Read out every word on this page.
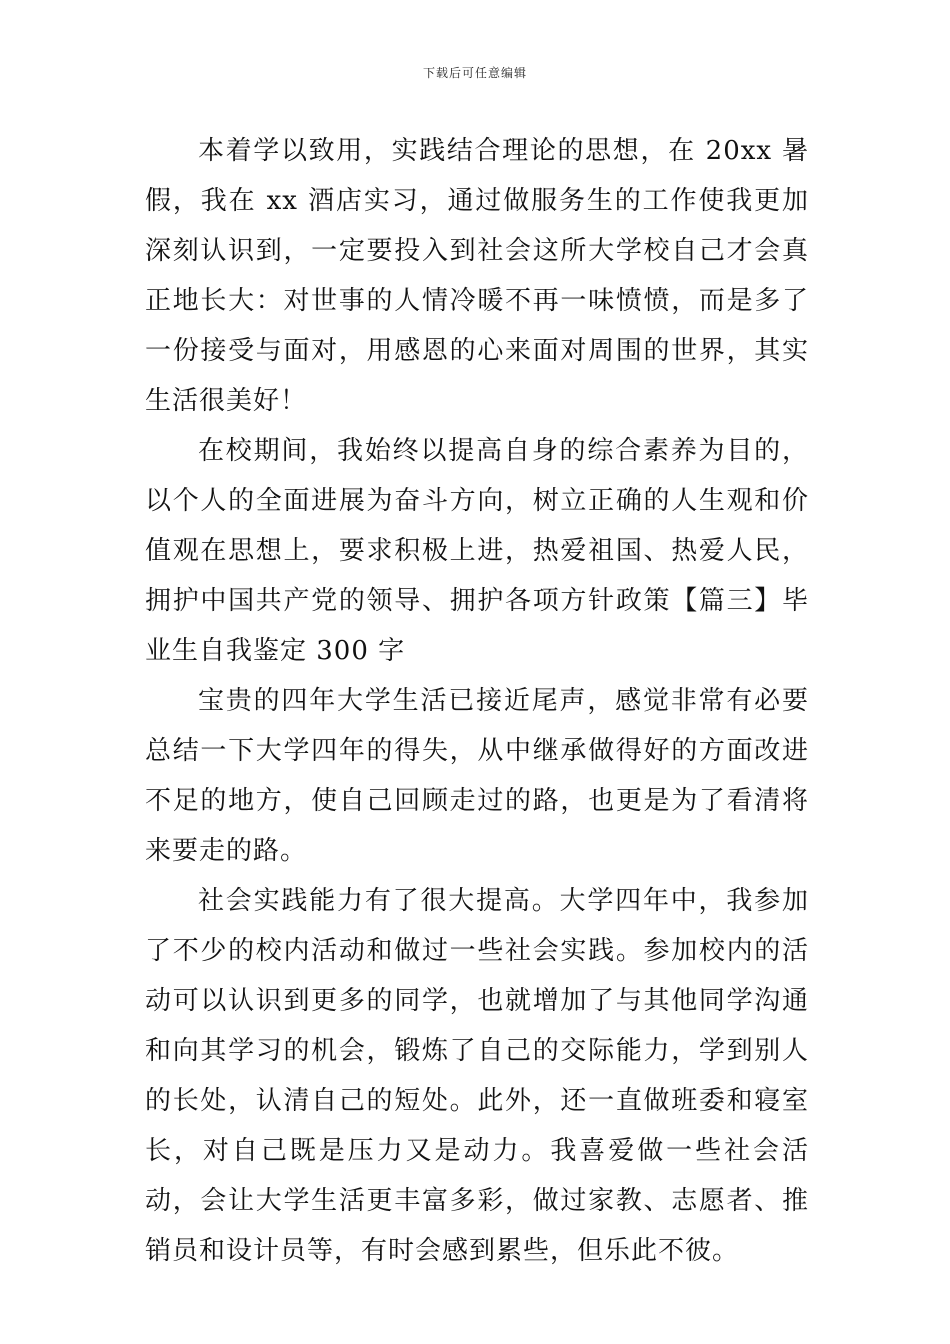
下载后可任意编辑

本着学以致用，实践结合理论的思想，在 20xx 暑假，我在 xx 酒店实习，通过做服务生的工作使我更加深刻认识到，一定要投入到社会这所大学校自己才会真正地长大：对世事的人情冷暖不再一味愤愤，而是多了一份接受与面对，用感恩的心来面对周围的世界，其实生活很美好！

在校期间，我始终以提高自身的综合素养为目的，以个人的全面进展为奋斗方向，树立正确的人生观和价值观在思想上，要求积极上进，热爱祖国、热爱人民，拥护中国共产党的领导、拥护各项方针政策【篇三】毕业生自我鉴定 300 字

宝贵的四年大学生活已接近尾声，感觉非常有必要总结一下大学四年的得失，从中继承做得好的方面改进不足的地方，使自己回顾走过的路，也更是为了看清将来要走的路。

社会实践能力有了很大提高。大学四年中，我参加了不少的校内活动和做过一些社会实践。参加校内的活动可以认识到更多的同学，也就增加了与其他同学沟通和向其学习的机会，锻炼了自己的交际能力，学到别人的长处，认清自己的短处。此外，还一直做班委和寝室长，对自己既是压力又是动力。我喜爱做一些社会活动，会让大学生活更丰富多彩，做过家教、志愿者、推销员和设计员等，有时会感到累些，但乐此不彼。
